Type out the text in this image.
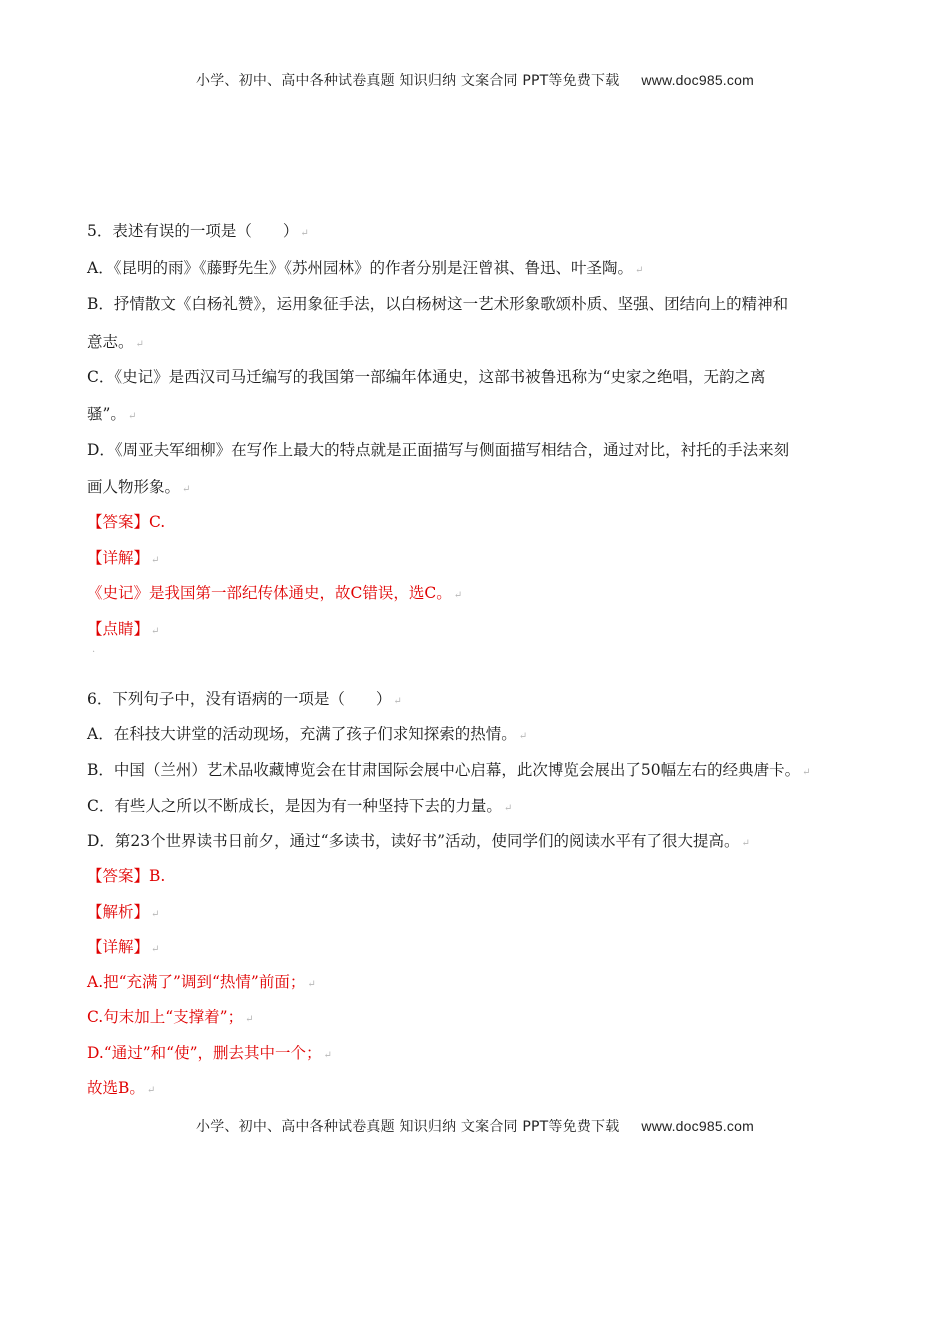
小学、初中、高中各种试卷真题 知识归纳 文案合同 PPT等免费下载 www.doc985.com
5．表述有误的一项是（　　） ↵
A．《昆明的雨》《藤野先生》《苏州园林》的作者分别是汪曾祺、鲁迅、叶圣陶。 ↵
B．抒情散文《白杨礼赞》，运用象征手法，以白杨树这一艺术形象歌颂朴质、坚强、团结向上的精神和
意志。 ↵
C．《史记》是西汉司马迁编写的我国第一部编年体通史，这部书被鲁迅称为“史家之绝唱，无韵之离
骚”。 ↵
D．《周亚夫军细柳》在写作上最大的特点就是正面描写与侧面描写相结合，通过对比，衬托的手法来刻
画人物形象。 ↵
【答案】C.
【详解】 ↵
《史记》是我国第一部纪传体通史，故C错误，选C。 ↵
【点睛】 ↵
·
6．下列句子中，没有语病的一项是（　　） ↵
A．在科技大讲堂的活动现场，充满了孩子们求知探索的热情。 ↵
B．中国（兰州）艺术品收藏博览会在甘肃国际会展中心启幕，此次博览会展出了50幅左右的经典唐卡。 ↵
C．有些人之所以不断成长，是因为有一种坚持下去的力量。 ↵
D．第23个世界读书日前夕，通过“多读书，读好书”活动，使同学们的阅读水平有了很大提高。 ↵
【答案】B.
【解析】 ↵
【详解】 ↵
A.把“充满了”调到“热情”前面； ↵
C.句末加上“支撑着”； ↵
D.“通过”和“使”，删去其中一个； ↵
故选B。 ↵
小学、初中、高中各种试卷真题 知识归纳 文案合同 PPT等免费下载 www.doc985.com
